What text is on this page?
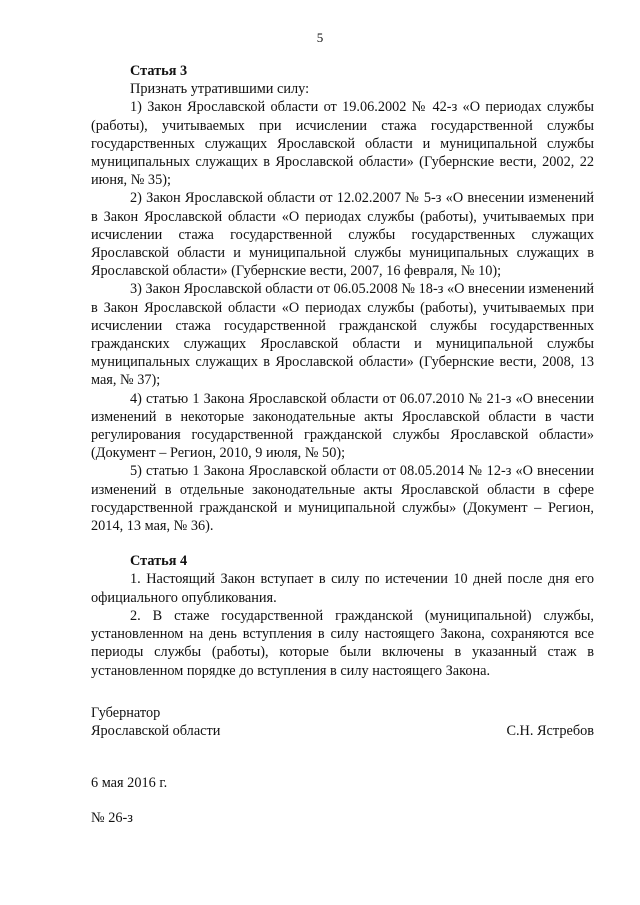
5
Статья 3
Признать утратившими силу:
1) Закон Ярославской области от 19.06.2002 № 42-з «О периодах службы (работы), учитываемых при исчислении стажа государственной службы государственных служащих Ярославской области и муниципальной службы муниципальных служащих в Ярославской области» (Губернские вести, 2002, 22 июня, № 35);
2) Закон Ярославской области от 12.02.2007 № 5-з «О внесении изменений в Закон Ярославской области «О периодах службы (работы), учитываемых при исчислении стажа государственной службы государственных служащих Ярославской области и муниципальной службы муниципальных служащих в Ярославской области» (Губернские вести, 2007, 16 февраля, № 10);
3) Закон Ярославской области от 06.05.2008 № 18-з «О внесении изменений в Закон Ярославской области «О периодах службы (работы), учитываемых при исчислении стажа государственной гражданской службы государственных гражданских служащих Ярославской области и муниципальной службы муниципальных служащих в Ярославской области» (Губернские вести, 2008, 13 мая, № 37);
4) статью 1 Закона Ярославской области от 06.07.2010 № 21-з «О внесении изменений в некоторые законодательные акты Ярославской области в части регулирования государственной гражданской службы Ярославской области» (Документ – Регион, 2010, 9 июля, № 50);
5) статью 1 Закона Ярославской области от 08.05.2014 № 12-з «О внесении изменений в отдельные законодательные акты Ярославской области в сфере государственной гражданской и муниципальной службы» (Документ – Регион, 2014, 13 мая, № 36).
Статья 4
1. Настоящий Закон вступает в силу по истечении 10 дней после дня его официального опубликования.
2. В стаже государственной гражданской (муниципальной) службы, установленном на день вступления в силу настоящего Закона, сохраняются все периоды службы (работы), которые были включены в указанный стаж в установленном порядке до вступления в силу настоящего Закона.
Губернатор
Ярославской области	С.Н. Ястребов
6 мая 2016 г.
№ 26-з
